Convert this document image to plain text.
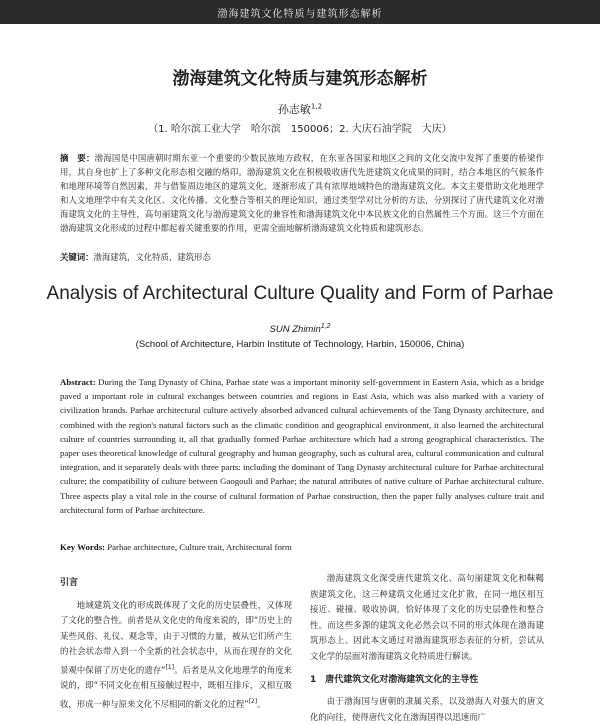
渤海建筑文化特质与建筑形态解析
渤海建筑文化特质与建筑形态解析
孙志敏$^{1,2}$
（1. 哈尔滨工业大学　哈尔滨　150006；2. 大庆石油学院　大庆）
摘　要：渤海国是中国唐朝时期东亚一个重要的少数民族地方政权，在东亚各国家和地区之间的文化交流中发挥了重要的桥梁作用，其自身也扩上了多种文化形态相交融的烙印。渤海建筑文化在积极吸收唐代先进建筑文化成果的同时，结合本地区的气候条件和地理环境等自然因素，并与借鉴周边地区的建筑文化，逐渐形成了具有浓厚地域特色的渤海建筑文化。本文主要借助文化地理学和人文地理学中有关文化区、文化传播、文化整合等相关的理论知识，通过类型学对比分析的方法，分别探讨了唐代建筑文化对渤海建筑文化的主导性，高句丽建筑文化与渤海建筑文化的兼容性和渤海建筑文化中本民族文化的自然属性三个方面。这三个方面在渤海建筑文化形成的过程中都起着关键重要的作用，更需全面地解析渤海建筑文化特质和建筑形态。
关键词：渤海建筑，文化特质，建筑形态
Analysis of Architectural Culture Quality and Form of Parhae
SUN Zhimin$^{1,2}$
(School of Architecture, Harbin Institute of Technology, Harbin, 150006, China)
Abstract: During the Tang Dynasty of China, Parhae state was a important minority self-government in Eastern Asia, which as a bridge paved a important role in cultural exchanges between countries and regions in East Asia, which was also marked with a variety of civilization brands. Parhae architectural culture actively absorbed advanced cultural achievements of the Tang Dynasty architecture, and combined with the region's natural factors such as the climatic condition and geographical environment, it also learned the architectural culture of countries surrounding it, all that gradually formed Parhae architecture which had a strong geographical characteristics. The paper uses theoretical knowledge of cultural geography and human geography, such as cultural area, cultural communication and cultural integration, and it separately deals with three parts: including the dominant of Tang Dynasty architectural culture for Parhae architectural culture; the compatibility of culture between Gaogouli and Parhae; the natural attributes of native culture of Parhae architectural culture. Three aspects play a vital role in the course of cultural formation of Parhae construction, then the paper fully analyses culture trait and architectural form of Parhae architecture.
Key Words: Parhae architecture, Culture trait, Architectural form
引言

地域建筑文化的形成既体现了文化的历史层叠性，又体现了文化的整合性。前者是从文化史的角度来说的，即“历史上的某些风俗、礼仪、观念等，由于习惯的力量，被从它们所产生的社会状态带入到一个全新的社会状态中，从而在现存的文化景观中保留了历史化的遗存”[1]。后者是从文化地理学的角度来说的，即“不同文化在相互接触过程中，既相互排斥，又相互吸收，形成一种与原来文化不尽相同的新文化的过程”[2]。

渤海建筑文化深受唐代建筑文化、高句丽建筑文化和靺鞨族建筑文化，这三种建筑文化通过文化扩散，在同一地区相互接近、碰撞、吸收协调，恰好体现了文化的历史层叠性和整合性。而这些多源的建筑文化必然会以不同的形式体现在渤海建筑形态上。因此本文通过对渤海建筑形态表征的分析，尝试从文化学的层面对渤海建筑文化特质进行解读。

1　唐代建筑文化对渤海建筑文化的主导性

由于渤海国与唐朝的隶属关系，以及渤海人对强大的唐文化的向往，使得唐代文化在渤海国得以迅速而广
